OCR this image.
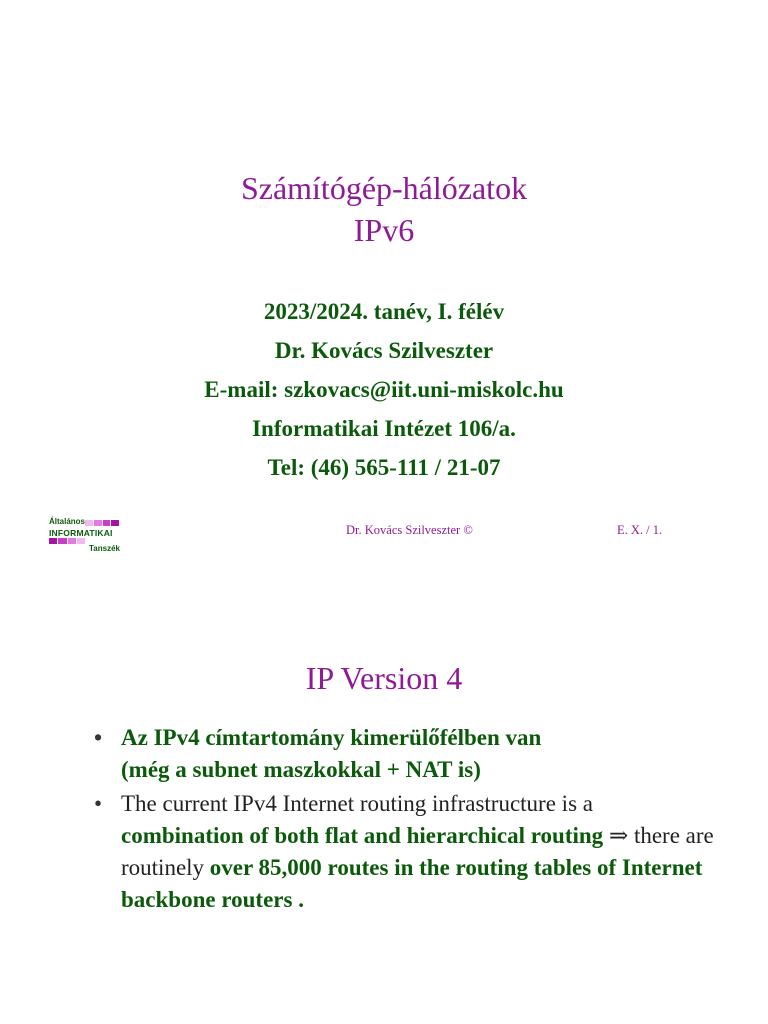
Számítógép-hálózatok
IPv6
2023/2024. tanév, I. félév
Dr. Kovács Szilveszter
E-mail: szkovacs@iit.uni-miskolc.hu
Informatikai Intézet 106/a.
Tel: (46) 565-111 / 21-07
Általános
INFORMATIKAI
Tanszék
Dr. Kovács Szilveszter ©	E. X. / 1.
IP Version 4
• Az IPv4 címtartomány kimerülőfélben van
(még a subnet maszkokkal + NAT is)
• The current IPv4 Internet routing infrastructure is a combination of both flat and hierarchical routing ⇒ there are routinely over 85,000 routes in the routing tables of Internet backbone routers .
